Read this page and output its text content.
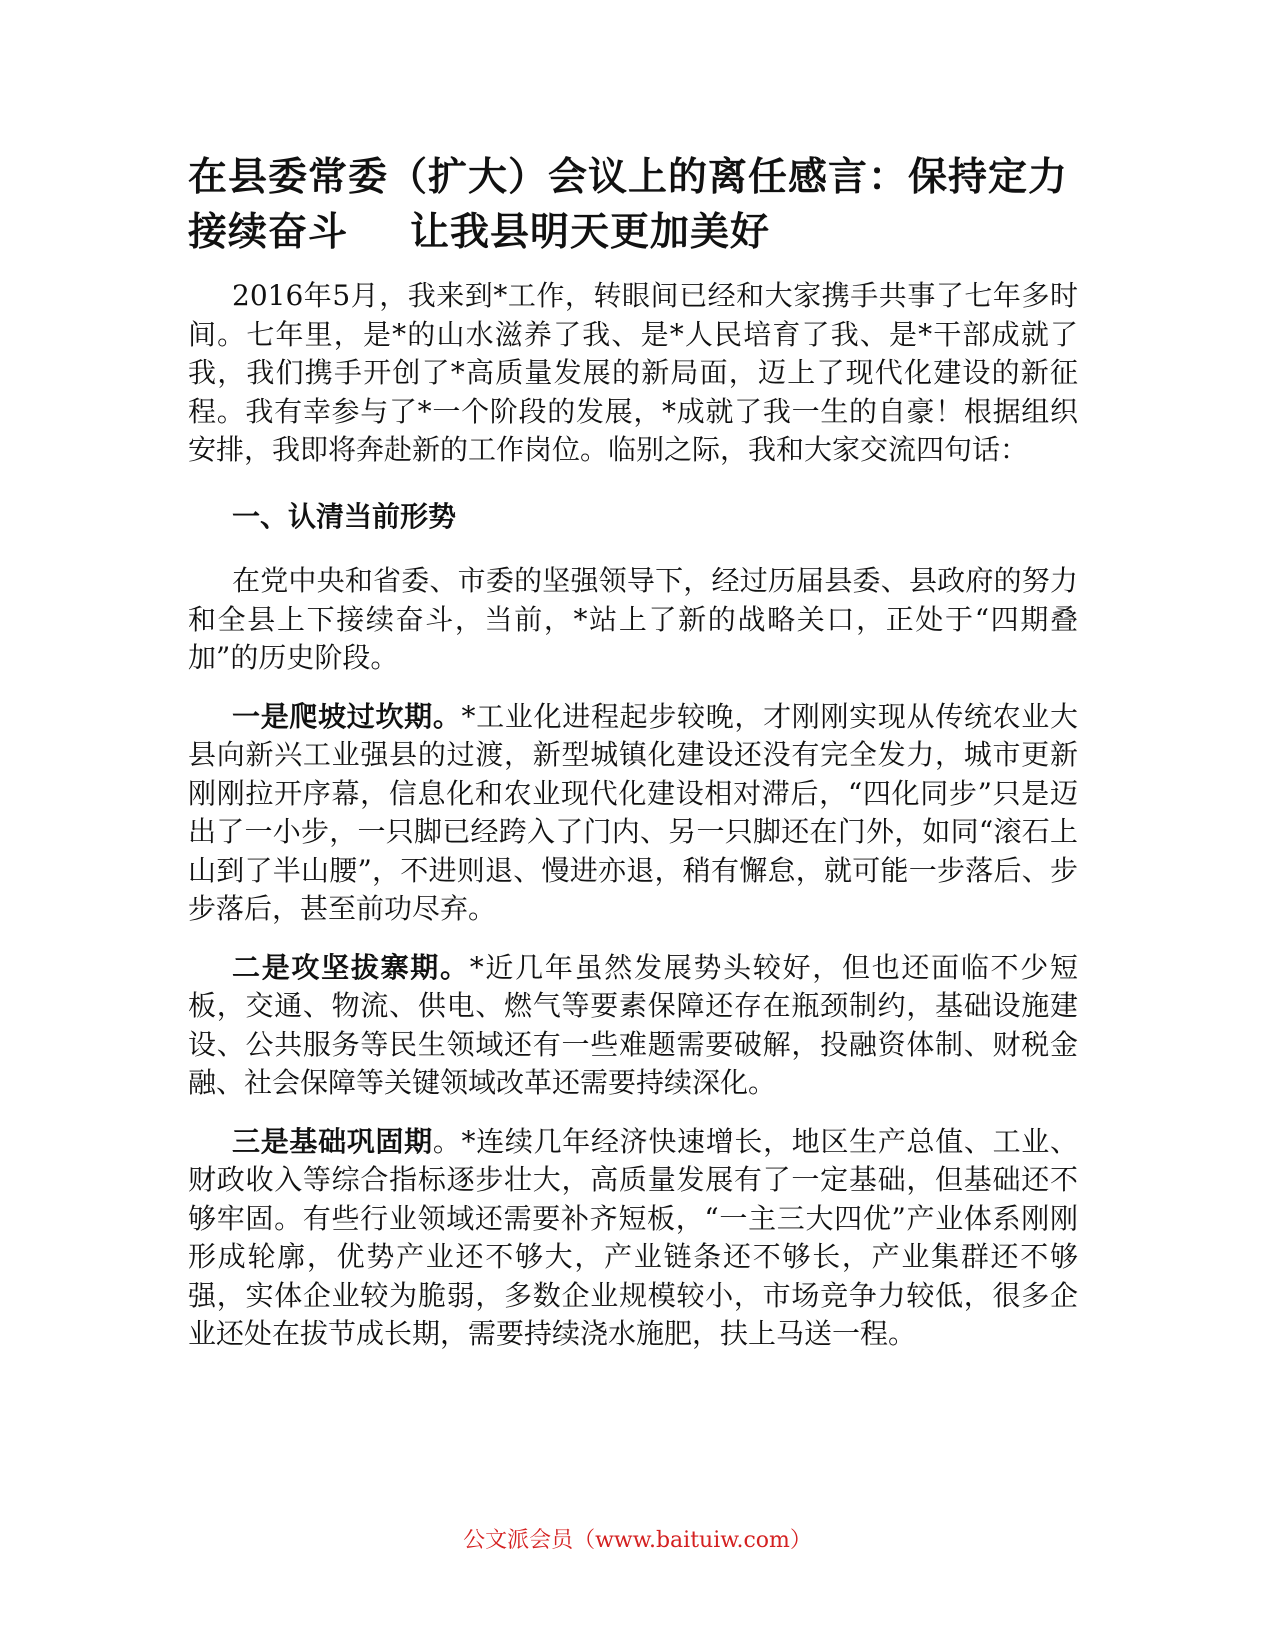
在县委常委（扩大）会议上的离任感言：保持定力接续奋斗 让我县明天更加美好

2016年5月，我来到*工作，转眼间已经和大家携手共事了七年多时间。七年里，是*的山水滋养了我、是*人民培育了我、是*干部成就了我，我们携手开创了*高质量发展的新局面，迈上了现代化建设的新征程。我有幸参与了*一个阶段的发展，*成就了我一生的自豪！根据组织安排，我即将奔赴新的工作岗位。临别之际，我和大家交流四句话：

一、认清当前形势

在党中央和省委、市委的坚强领导下，经过历届县委、县政府的努力和全县上下接续奋斗，当前，*站上了新的战略关口，正处于“四期叠加”的历史阶段。

一是爬坡过坎期。*工业化进程起步较晚，才刚刚实现从传统农业大县向新兴工业强县的过渡，新型城镇化建设还没有完全发力，城市更新刚刚拉开序幕，信息化和农业现代化建设相对滞后，“四化同步”只是迈出了一小步，一只脚已经跨入了门内、另一只脚还在门外，如同“滚石上山到了半山腰”，不进则退、慢进亦退，稍有懈怠，就可能一步落后、步步落后，甚至前功尽弃。

二是攻坚拔寨期。*近几年虽然发展势头较好，但也还面临不少短板，交通、物流、供电、燃气等要素保障还存在瓶颈制约，基础设施建设、公共服务等民生领域还有一些难题需要破解，投融资体制、财税金融、社会保障等关键领域改革还需要持续深化。

三是基础巩固期。*连续几年经济快速增长，地区生产总值、工业、财政收入等综合指标逐步壮大，高质量发展有了一定基础，但基础还不够牢固。有些行业领域还需要补齐短板，“一主三大四优”产业体系刚刚形成轮廓，优势产业还不够大，产业链条还不够长，产业集群还不够强，实体企业较为脆弱，多数企业规模较小，市场竞争力较低，很多企业还处在拔节成长期，需要持续浇水施肥，扶上马送一程。

公文派会员（www.baituiw.com）
